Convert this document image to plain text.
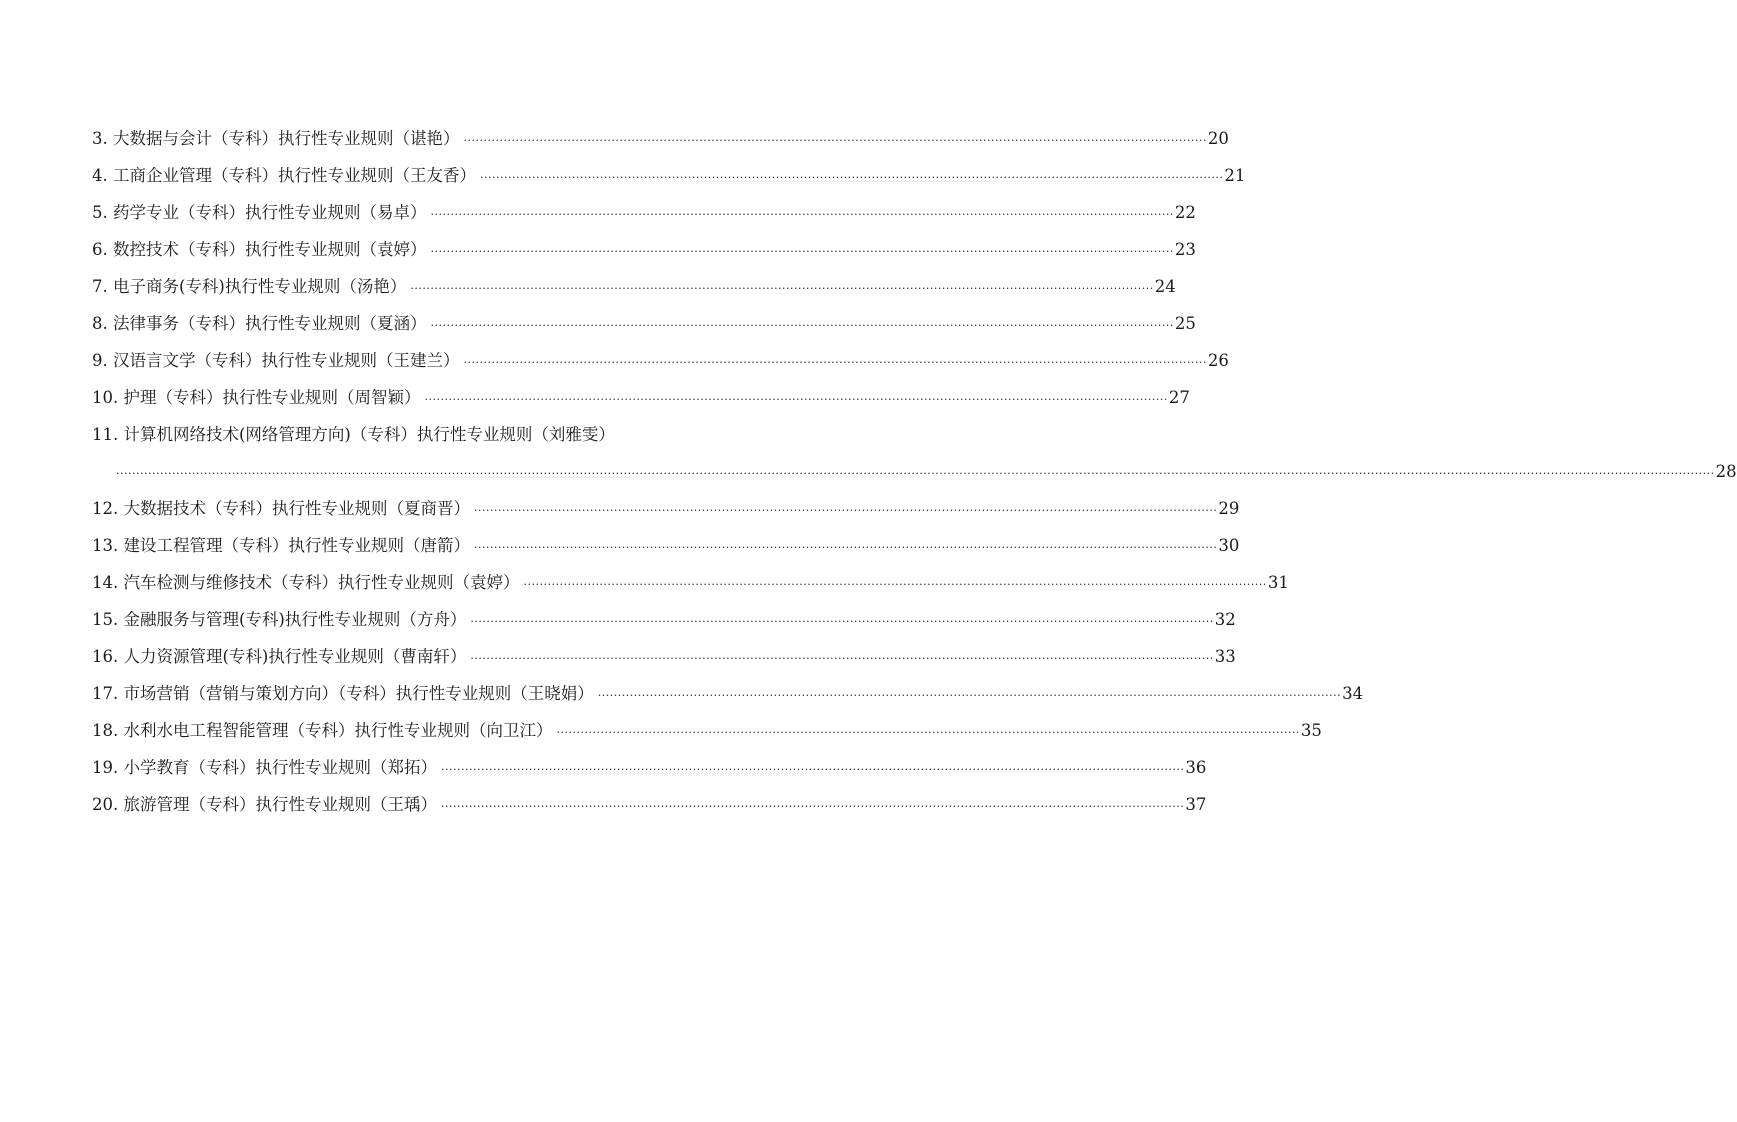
3. 大数据与会计（专科）执行性专业规则（谌艳） ·····	20
4. 工商企业管理（专科）执行性专业规则（王友香） ·····	21
5. 药学专业（专科）执行性专业规则（易卓） ·····	22
6. 数控技术（专科）执行性专业规则（袁婷） ·····	23
7. 电子商务(专科)执行性专业规则（汤艳） ·····	24
8. 法律事务（专科）执行性专业规则（夏涵） ·····	25
9. 汉语言文学（专科）执行性专业规则（王建兰） ·····	26
10. 护理（专科）执行性专业规则（周智颖） ·····	27
11. 计算机网络技术(网络管理方向)（专科）执行性专业规则（刘雅雯）
················································································································································································································································································································································································································ 28
12. 大数据技术（专科）执行性专业规则（夏商晋） ·····	29
13. 建设工程管理（专科）执行性专业规则（唐箭） ·····	30
14. 汽车检测与维修技术（专科）执行性专业规则（袁婷） ·····	31
15. 金融服务与管理(专科)执行性专业规则（方舟） ·····	32
16. 人力资源管理(专科)执行性专业规则（曹南轩） ·····	33
17. 市场营销（营销与策划方向）（专科）执行性专业规则（王晓娟） ·····	34
18. 水利水电工程智能管理（专科）执行性专业规则（向卫江） ·····	35
19. 小学教育（专科）执行性专业规则（郑拓） ·····	36
20. 旅游管理（专科）执行性专业规则（王瑀） ·····	37
